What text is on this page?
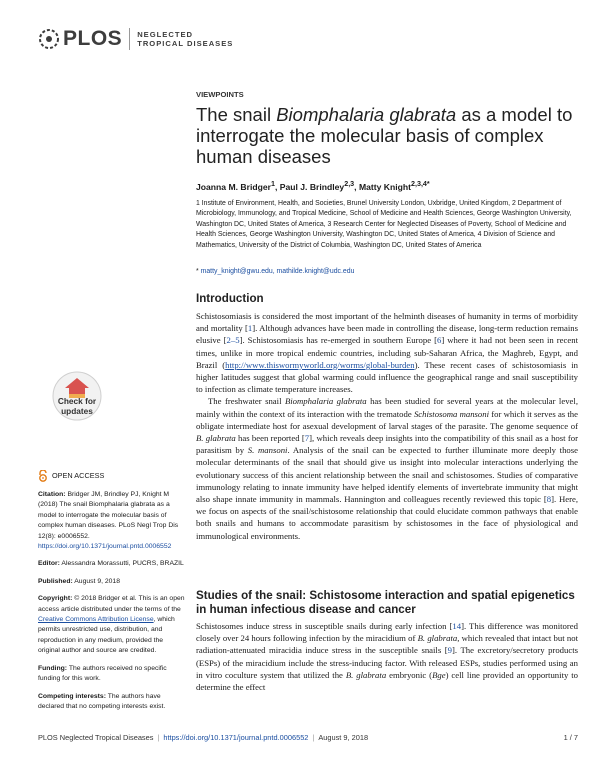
PLOS NEGLECTED
TROPICAL DISEASES
VIEWPOINTS
The snail Biomphalaria glabrata as a model to interrogate the molecular basis of complex human diseases
Joanna M. Bridger$^1$, Paul J. Brindley$^{2,3}$, Matty Knight$^{2,3,4*}$

1 Institute of Environment, Health, and Societies, Brunel University London, Uxbridge, United Kingdom, 2 Department of Microbiology, Immunology, and Tropical Medicine, School of Medicine and Health Sciences, George Washington University, Washington DC, United States of America, 3 Research Center for Neglected Diseases of Poverty, School of Medicine and Health Sciences, George Washington University, Washington DC, United States of America, 4 Division of Science and Mathematics, University of the District of Columbia, Washington DC, United States of America

* matty_knight@gwu.edu, mathilde.knight@udc.edu
Introduction

Schistosomiasis is considered the most important of the helminth diseases of humanity in terms of morbidity and mortality [1]. Although advances have been made in controlling the disease, long-term reduction remains elusive [2–5]. Schistosomiasis has re-emerged in southern Europe [6] where it had not been seen in recent times, unlike in more tropical endemic countries, including sub-Saharan Africa, the Maghreb, Egypt, and Brazil (http://www.thiswormyworld.org/worms/global-burden). These recent cases of schistosomiasis in higher latitudes suggest that global warming could influence the geographical range and snail susceptibility to infection as climate temperature increases.

The freshwater snail Biomphalaria glabrata has been studied for several years at the molecular level, mainly within the context of its interaction with the trematode Schistosoma mansoni for which it serves as the obligate intermediate host for asexual development of larval stages of the parasite. The genome sequence of B. glabrata has been reported [7], which reveals deep insights into the compatibility of this snail as a host for parasitism by S. mansoni. Analysis of the snail can be expected to further illuminate more deeply those molecular determinants of the snail that should give us insight into molecular interactions underlying the evolutionary success of this ancient relationship between the snail and schistosomes. Studies of comparative immunology relating to innate immunity have helped identify elements of invertebrate immunity that might also shape innate immunity in mammals. Hannington and colleagues recently reviewed this topic [8]. Here, we focus on aspects of the snail/schistosome relationship that could elucidate common pathways that enable both snails and humans to accommodate parasitism by schistosomes in the face of physiological and immunological environments.

Studies of the snail: Schistosome interaction and spatial epigenetics in human infectious disease and cancer

Schistosomes induce stress in susceptible snails during early infection [14]. This difference was monitored closely over 24 hours following infection by the miracidium of B. glabrata, which revealed that intact but not radiation-attenuated miracidia induce stress in the susceptible snails [9]. The excretory/secretory products (ESPs) of the miracidium include the stress-inducing factor. With released ESPs, studies performed using an in vitro coculture system that utilized the B. glabrata embryonic (Bge) cell line provided an opportunity to determine the effect

Check for updates
OPEN ACCESS

Citation: Bridger JM, Brindley PJ, Knight M (2018) The snail Biomphalaria glabrata as a model to interrogate the molecular basis of complex human diseases. PLoS Negl Trop Dis 12(8): e0006552. https://doi.org/10.1371/journal.pntd.0006552

Editor: Alessandra Morassutti, PUCRS, BRAZIL

Published: August 9, 2018

Copyright: © 2018 Bridger et al. This is an open access article distributed under the terms of the Creative Commons Attribution License, which permits unrestricted use, distribution, and reproduction in any medium, provided the original author and source are credited.

Funding: The authors received no specific funding for this work.

Competing interests: The authors have declared that no competing interests exist.

PLOS Neglected Tropical Diseases | https://doi.org/10.1371/journal.pntd.0006552 | August 9, 2018	1 / 7
